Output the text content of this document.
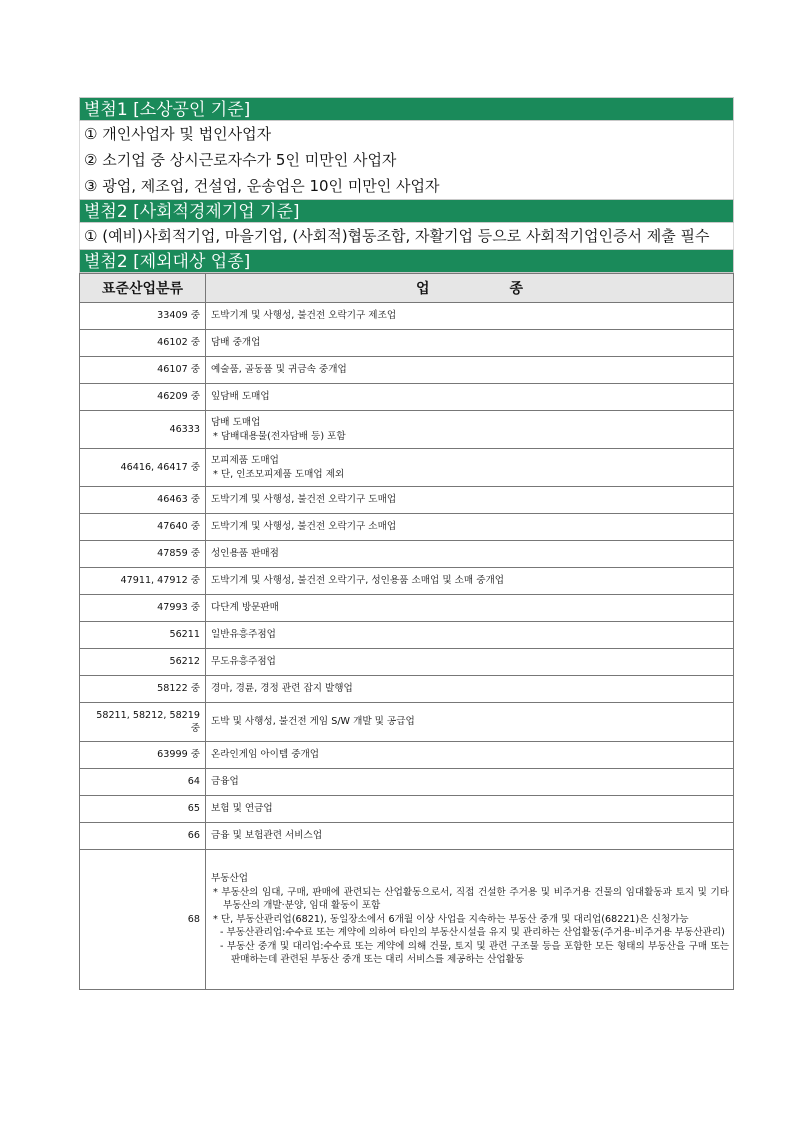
별첨1 [소상공인 기준]
① 개인사업자 및 법인사업자
② 소기업 중 상시근로자수가 5인 미만인 사업자
③ 광업, 제조업, 건설업, 운송업은 10인 미만인 사업자
별첨2 [사회적경제기업 기준]
① (예비)사회적기업, 마을기업, (사회적)협동조합, 자활기업 등으로 사회적기업인증서 제출 필수
별첨2 [제외대상 업종]
표준산업분류	업 종
33409 중	도박기계 및 사행성, 불건전 오락기구 제조업

46102 중	담배 중개업

46107 중	예술품, 골동품 및 귀금속 중개업

46209 중	잎담배 도매업

46333	담배 도매업
* 담배대용물(전자담배 등) 포함

46416, 46417 중	모피제품 도매업
* 단, 인조모피제품 도매업 제외

46463 중	도박기계 및 사행성, 불건전 오락기구 도매업

47640 중	도박기계 및 사행성, 불건전 오락기구 소매업

47859 중	성인용품 판매점

47911, 47912 중	도박기계 및 사행성, 불건전 오락기구, 성인용품 소매업 및 소매 중개업

47993 중	다단계 방문판매

56211	일반유흥주점업

56212	무도유흥주점업

58122 중	경마, 경륜, 경정 관련 잡지 발행업

58211, 58212, 58219 중	도박 및 사행성, 불건전 게임 S/W 개발 및 공급업

63999 중	온라인게임 아이템 중개업

64	금융업

65	보험 및 연금업

66	금융 및 보험관련 서비스업

68	부동산업
* 부동산의 임대, 구매, 판매에 관련되는 산업활동으로서, 직접 건설한 주거용 및 비주거용 건물의 임대활동과 토지 및 기타 부동산의 개발·분양, 임대 활동이 포함
* 단, 부동산관리업(6821), 동일장소에서 6개월 이상 사업을 지속하는 부동산 중개 및 대리업(68221)은 신청가능
- 부동산관리업:수수료 또는 계약에 의하여 타인의 부동산시설을 유지 및 관리하는 산업활동(주거용·비주거용 부동산관리)
- 부동산 중개 및 대리업:수수료 또는 계약에 의해 건물, 토지 및 관련 구조물 등을 포함한 모든 형태의 부동산을 구매 또는 판매하는데 관련된 부동산 중개 또는 대리 서비스를 제공하는 산업활동
